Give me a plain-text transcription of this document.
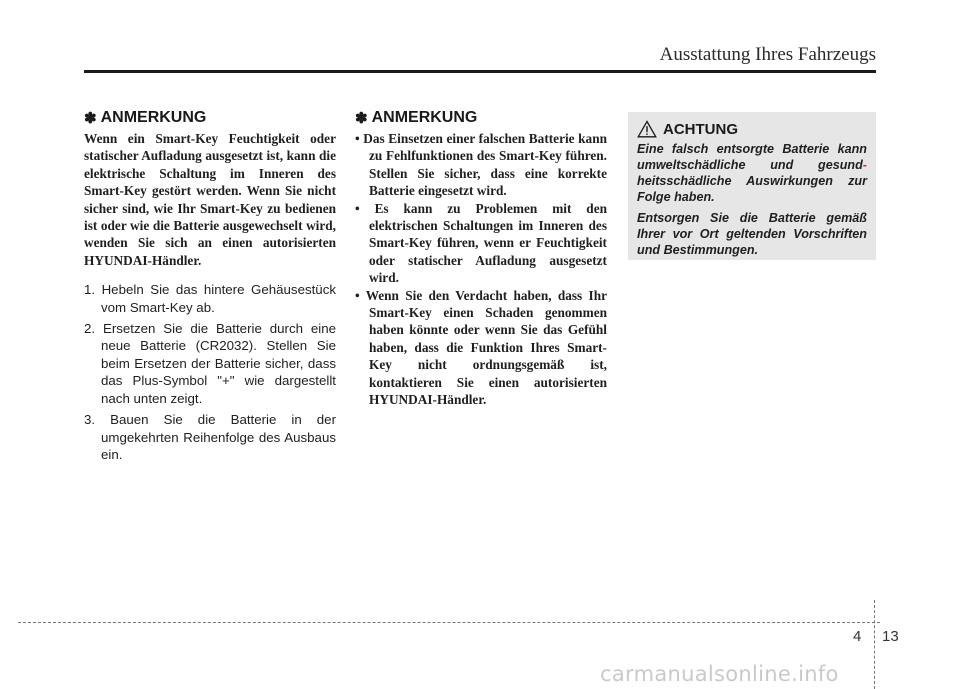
Ausstattung Ihres Fahrzeugs
✽ ANMERKUNG

Wenn ein Smart-Key Feuchtigkeit oder statischer Aufladung ausgesetzt ist, kann die elektrische Schaltung im Inneren des Smart-Key gestört werden. Wenn Sie nicht sicher sind, wie Ihr Smart-Key zu bedienen ist oder wie die Batterie ausgewechselt wird, wenden Sie sich an einen autorisierten HYUNDAI-Händler.

1. Hebeln Sie das hintere Gehäusestück vom Smart-Key ab.
2. Ersetzen Sie die Batterie durch eine neue Batterie (CR2032). Stellen Sie beim Ersetzen der Batterie sicher, dass das Plus-Symbol "+" wie dargestellt nach unten zeigt.
3. Bauen Sie die Batterie in der umgekehrten Reihenfolge des Ausbaus ein.
✽ ANMERKUNG
• Das Einsetzen einer falschen Batterie kann zu Fehlfunktionen des Smart-Key führen. Stellen Sie sicher, dass eine korrekte Batterie eingesetzt wird.
• Es kann zu Problemen mit den elektrischen Schaltungen im Inneren des Smart-Key führen, wenn er Feuchtigkeit oder statischer Aufladung ausgesetzt wird.
• Wenn Sie den Verdacht haben, dass Ihr Smart-Key einen Schaden genommen haben könnte oder wenn Sie das Gefühl haben, dass die Funktion Ihres Smart-Key nicht ordnungsgemäß ist, kontaktieren Sie einen autorisierten HYUNDAI-Händler.
ACHTUNG

Eine falsch entsorgte Batterie kann umweltschädliche und gesund-heitsschädliche Auswirkungen zur Folge haben.

Entsorgen Sie die Batterie gemäß Ihrer vor Ort geltenden Vorschriften und Bestimmungen.

4 13
carmanualsonline.info
